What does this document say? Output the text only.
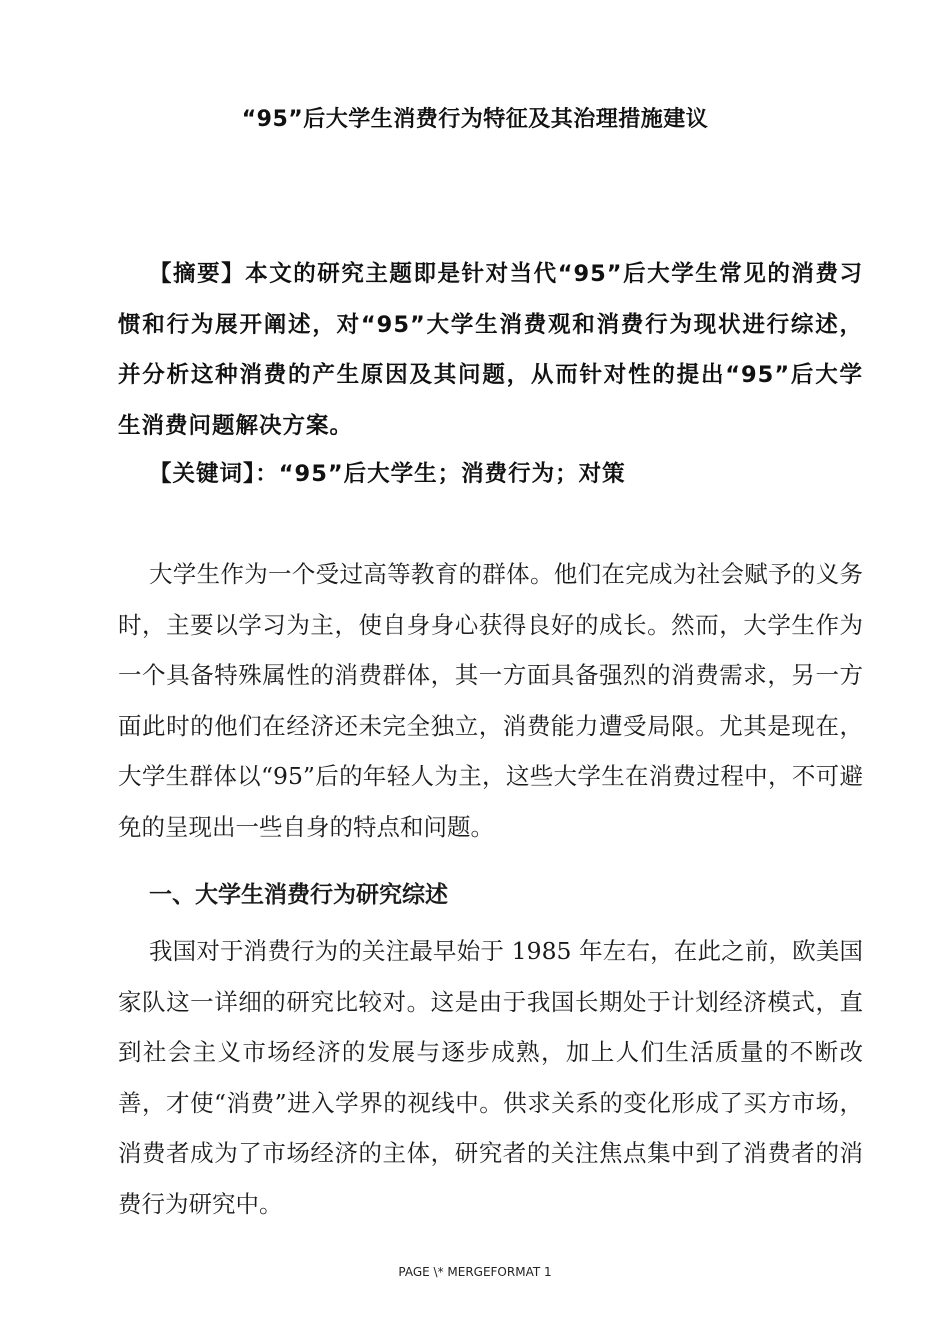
“95”后大学生消费行为特征及其治理措施建议

【摘要】本文的研究主题即是针对当代“95”后大学生常见的消费习惯和行为展开阐述，对“95”大学生消费观和消费行为现状进行综述，并分析这种消费的产生原因及其问题，从而针对性的提出“95”后大学生消费问题解决方案。

【关键词】：“95”后大学生；消费行为；对策

大学生作为一个受过高等教育的群体。他们在完成为社会赋予的义务时，主要以学习为主，使自身身心获得良好的成长。然而，大学生作为一个具备特殊属性的消费群体，其一方面具备强烈的消费需求，另一方面此时的他们在经济还未完全独立，消费能力遭受局限。尤其是现在，大学生群体以“95”后的年轻人为主，这些大学生在消费过程中，不可避免的呈现出一些自身的特点和问题。

一、大学生消费行为研究综述

我国对于消费行为的关注最早始于 1985 年左右，在此之前，欧美国家队这一详细的研究比较对。这是由于我国长期处于计划经济模式，直到社会主义市场经济的发展与逐步成熟，加上人们生活质量的不断改善，才使“消费”进入学界的视线中。供求关系的变化形成了买方市场，消费者成为了市场经济的主体，研究者的关注焦点集中到了消费者的消费行为研究中。

PAGE \* MERGEFORMAT 1
